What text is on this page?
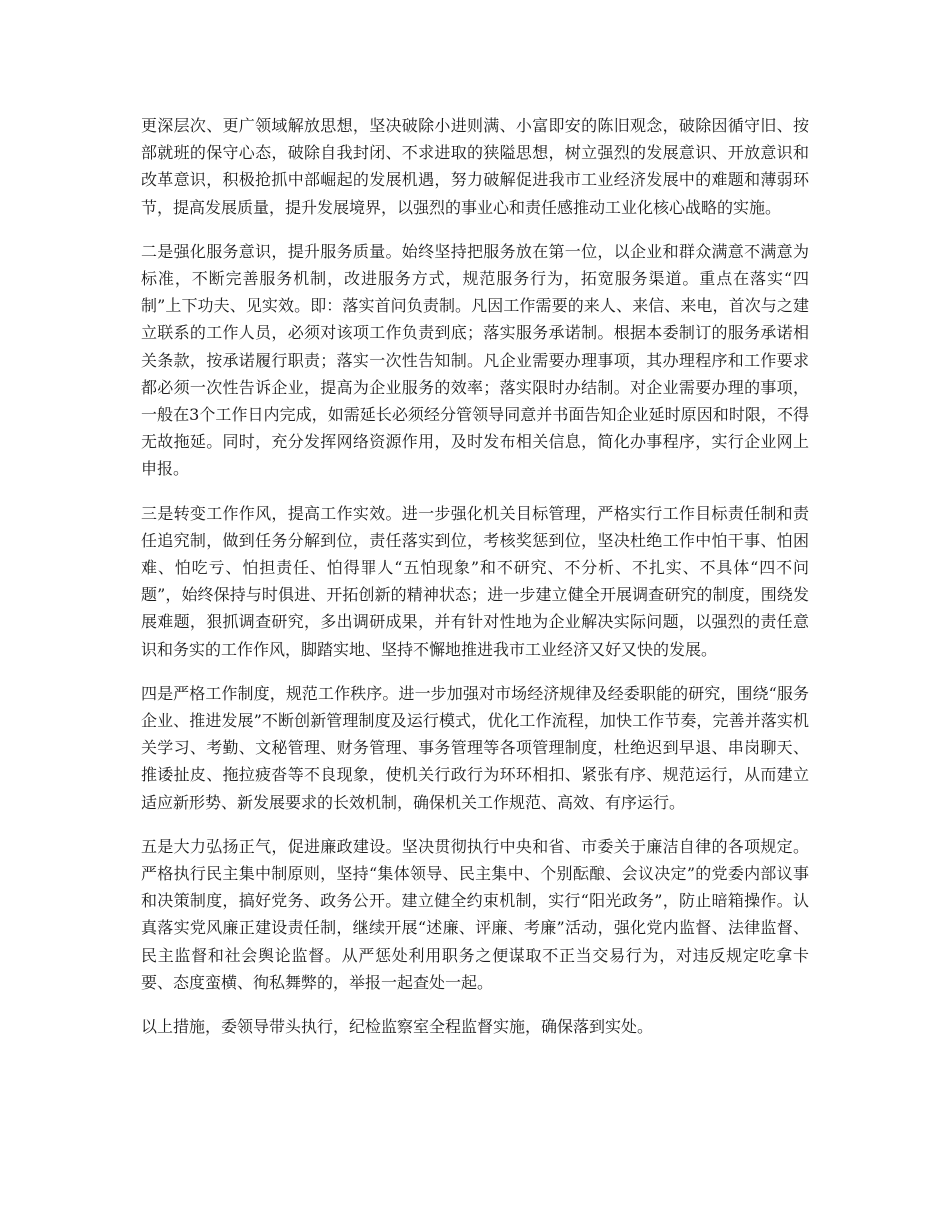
更深层次、更广领域解放思想，坚决破除小进则满、小富即安的陈旧观念，破除因循守旧、按部就班的保守心态，破除自我封闭、不求进取的狭隘思想，树立强烈的发展意识、开放意识和改革意识，积极抢抓中部崛起的发展机遇，努力破解促进我市工业经济发展中的难题和薄弱环节，提高发展质量，提升发展境界，以强烈的事业心和责任感推动工业化核心战略的实施。

二是强化服务意识，提升服务质量。始终坚持把服务放在第一位，以企业和群众满意不满意为标准，不断完善服务机制，改进服务方式，规范服务行为，拓宽服务渠道。重点在落实“四制”上下功夫、见实效。即：落实首问负责制。凡因工作需要的来人、来信、来电，首次与之建立联系的工作人员，必须对该项工作负责到底；落实服务承诺制。根据本委制订的服务承诺相关条款，按承诺履行职责；落实一次性告知制。凡企业需要办理事项，其办理程序和工作要求都必须一次性告诉企业，提高为企业服务的效率；落实限时办结制。对企业需要办理的事项，一般在3个工作日内完成，如需延长必须经分管领导同意并书面告知企业延时原因和时限，不得无故拖延。同时，充分发挥网络资源作用，及时发布相关信息，简化办事程序，实行企业网上申报。

三是转变工作作风，提高工作实效。进一步强化机关目标管理，严格实行工作目标责任制和责任追究制，做到任务分解到位，责任落实到位，考核奖惩到位，坚决杜绝工作中怕干事、怕困难、怕吃亏、怕担责任、怕得罪人“五怕现象”和不研究、不分析、不扎实、不具体“四不问题”，始终保持与时俱进、开拓创新的精神状态；进一步建立健全开展调查研究的制度，围绕发展难题，狠抓调查研究，多出调研成果，并有针对性地为企业解决实际问题，以强烈的责任意识和务实的工作作风，脚踏实地、坚持不懈地推进我市工业经济又好又快的发展。

四是严格工作制度，规范工作秩序。进一步加强对市场经济规律及经委职能的研究，围绕“服务企业、推进发展”不断创新管理制度及运行模式，优化工作流程，加快工作节奏，完善并落实机关学习、考勤、文秘管理、财务管理、事务管理等各项管理制度，杜绝迟到早退、串岗聊天、推诿扯皮、拖拉疲沓等不良现象，使机关行政行为环环相扣、紧张有序、规范运行，从而建立适应新形势、新发展要求的长效机制，确保机关工作规范、高效、有序运行。

五是大力弘扬正气，促进廉政建设。坚决贯彻执行中央和省、市委关于廉洁自律的各项规定。严格执行民主集中制原则，坚持“集体领导、民主集中、个别酝酿、会议决定”的党委内部议事和决策制度，搞好党务、政务公开。建立健全约束机制，实行“阳光政务”，防止暗箱操作。认真落实党风廉正建设责任制，继续开展“述廉、评廉、考廉”活动，强化党内监督、法律监督、民主监督和社会舆论监督。从严惩处利用职务之便谋取不正当交易行为，对违反规定吃拿卡要、态度蛮横、徇私舞弊的，举报一起查处一起。

以上措施，委领导带头执行，纪检监察室全程监督实施，确保落到实处。
